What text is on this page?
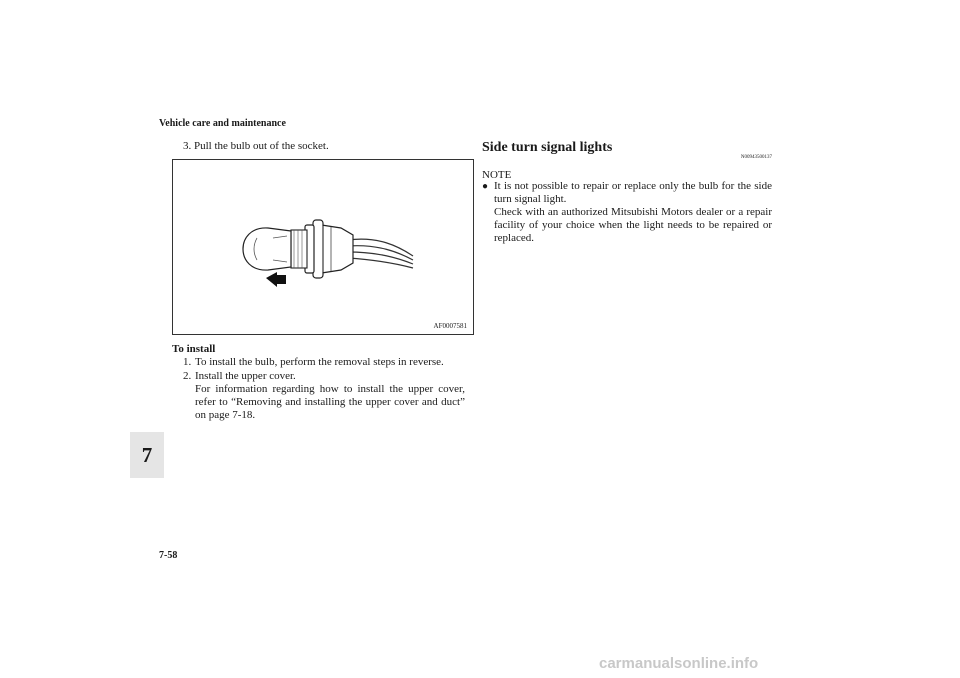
Vehicle care and maintenance
3. Pull the bulb out of the socket.
AF0007581
To install
1. To install the bulb, perform the removal steps in reverse.
2. Install the upper cover.
For information regarding how to install the upper cover, refer to “Removing and installing the upper cover and duct” on page 7-18.
Side turn signal lights
N00943500137
NOTE
● It is not possible to repair or replace only the bulb for the side turn signal light.
Check with an authorized Mitsubishi Motors dealer or a repair facility of your choice when the light needs to be repaired or replaced.
7
7-58
carmanualsonline.info
